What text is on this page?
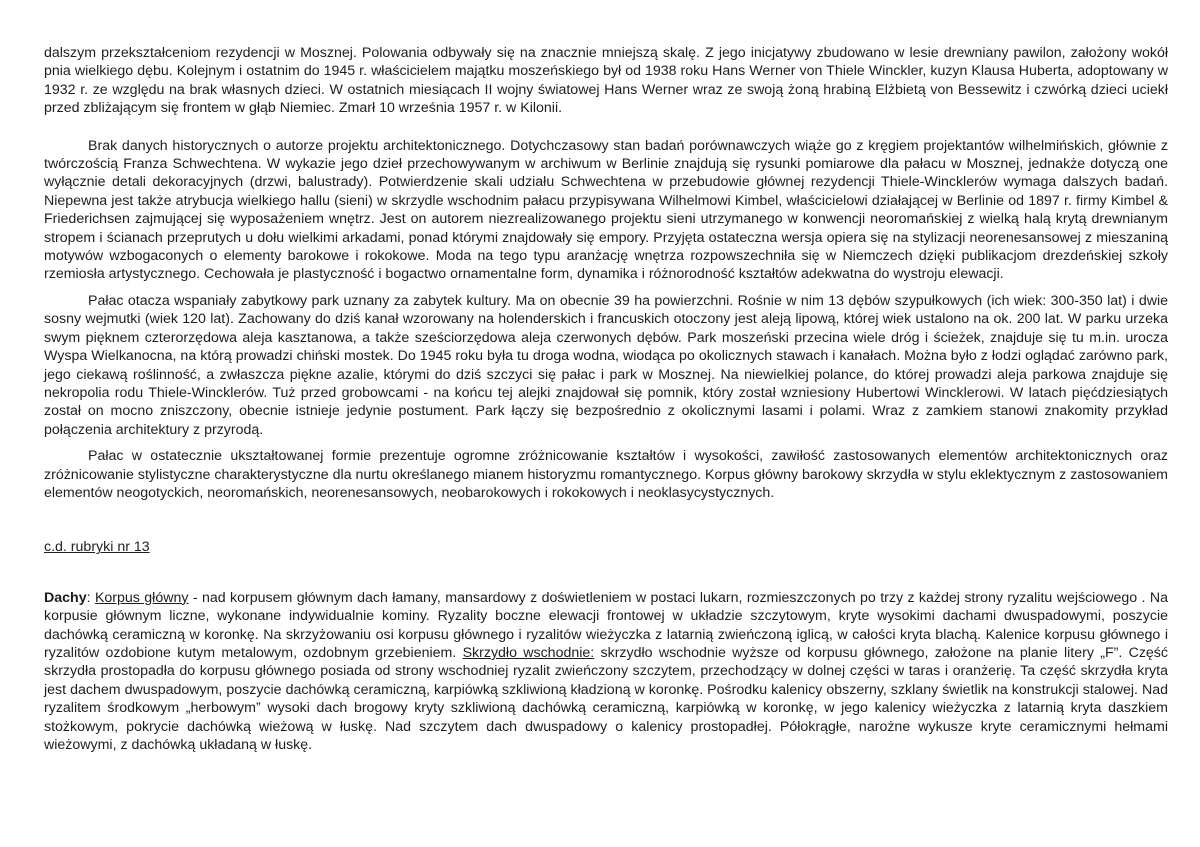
dalszym przekształceniom rezydencji w Mosznej. Polowania odbywały się na znacznie mniejszą skalę. Z jego inicjatywy zbudowano w lesie drewniany pawilon, założony wokół pnia wielkiego dębu. Kolejnym i ostatnim do 1945 r. właścicielem majątku moszeńskiego był od 1938 roku Hans Werner von Thiele Winckler, kuzyn Klausa Huberta, adoptowany w 1932 r. ze względu na brak własnych dzieci. W ostatnich miesiącach II wojny światowej Hans Werner wraz ze swoją żoną hrabiną Elżbietą von Bessewitz i czwórką dzieci uciekł przed zbliżającym się frontem w głąb Niemiec. Zmarł 10 września 1957 r. w Kilonii.

Brak danych historycznych o autorze projektu architektonicznego. Dotychczasowy stan badań porównawczych wiąże go z kręgiem projektantów wilhelmińskich, głównie z twórczością Franza Schwechtena. W wykazie jego dzieł przechowywanym w archiwum w Berlinie znajdują się rysunki pomiarowe dla pałacu w Mosznej, jednakże dotyczą one wyłącznie detali dekoracyjnych (drzwi, balustrady). Potwierdzenie skali udziału Schwechtena w przebudowie głównej rezydencji Thiele-Wincklerów wymaga dalszych badań. Niepewna jest także atrybucja wielkiego hallu (sieni) w skrzydle wschodnim pałacu przypisywana Wilhelmowi Kimbel, właścicielowi działającej w Berlinie od 1897 r. firmy Kimbel & Friederichsen zajmującej się wyposażeniem wnętrz. Jest on autorem niezrealizowanego projektu sieni utrzymanego w konwencji neoromańskiej z wielką halą krytą drewnianym stropem i ścianach przeprutych u dołu wielkimi arkadami, ponad którymi znajdowały się empory. Przyjęta ostateczna wersja opiera się na stylizacji neorenesansowej z mieszaniną motywów wzbogaconych o elementy barokowe i rokokowe. Moda na tego typu aranżację wnętrza rozpowszechniła się w Niemczech dzięki publikacjom drezdeńskiej szkoły rzemiosła artystycznego. Cechowała je plastyczność i bogactwo ornamentalne form, dynamika i różnorodność kształtów adekwatna do wystroju elewacji.

Pałac otacza wspaniały zabytkowy park uznany za zabytek kultury. Ma on obecnie 39 ha powierzchni. Rośnie w nim 13 dębów szypułkowych (ich wiek: 300-350 lat) i dwie sosny wejmutki (wiek 120 lat). Zachowany do dziś kanał wzorowany na holenderskich i francuskich otoczony jest aleją lipową, której wiek ustalono na ok. 200 lat. W parku urzeka swym pięknem czterorzędowa aleja kasztanowa, a także sześciorzędowa aleja czerwonych dębów. Park moszeński przecina wiele dróg i ścieżek, znajduje się tu m.in. urocza Wyspa Wielkanocna, na którą prowadzi chiński mostek. Do 1945 roku była tu droga wodna, wiodąca po okolicznych stawach i kanałach. Można było z łodzi oglądać zarówno park, jego ciekawą roślinność, a zwłaszcza piękne azalie, którymi do dziś szczyci się pałac i park w Mosznej. Na niewielkiej polance, do której prowadzi aleja parkowa znajduje się nekropolia rodu Thiele-Wincklerów. Tuż przed grobowcami - na końcu tej alejki znajdował się pomnik, który został wzniesiony Hubertowi Wincklerowi. W latach pięćdziesiątych został on mocno zniszczony, obecnie istnieje jedynie postument. Park łączy się bezpośrednio z okolicznymi lasami i polami. Wraz z zamkiem stanowi znakomity przykład połączenia architektury z przyrodą.

Pałac w ostatecznie ukształtowanej formie prezentuje ogromne zróżnicowanie kształtów i wysokości, zawiłość zastosowanych elementów architektonicznych oraz zróżnicowanie stylistyczne charakterystyczne dla nurtu określanego mianem historyzmu romantycznego. Korpus główny barokowy skrzydła w stylu eklektycznym z zastosowaniem elementów neogotyckich, neoromańskich, neorenesansowych, neobarokowych i rokokowych i neoklasycystycznych.

c.d. rubryki nr 13

Dachy: Korpus główny - nad korpusem głównym dach łamany, mansardowy z doświetleniem w postaci lukarn, rozmieszczonych po trzy z każdej strony ryzalitu wejściowego . Na korpusie głównym liczne, wykonane indywidualnie kominy. Ryzality boczne elewacji frontowej w układzie szczytowym, kryte wysokimi dachami dwuspadowymi, poszycie dachówką ceramiczną w koronkę. Na skrzyżowaniu osi korpusu głównego i ryzalitów wieżyczka z latarnią zwieńczoną iglicą, w całości kryta blachą. Kalenice korpusu głównego i ryzalitów ozdobione kutym metalowym, ozdobnym grzebieniem. Skrzydło wschodnie: skrzydło wschodnie wyższe od korpusu głównego, założone na planie litery „F”. Część skrzydła prostopadła do korpusu głównego posiada od strony wschodniej ryzalit zwieńczony szczytem, przechodzący w dolnej części w taras i oranżerię. Ta część skrzydła kryta jest dachem dwuspadowym, poszycie dachówką ceramiczną, karpiówką szkliwioną kładzioną w koronkę. Pośrodku kalenicy obszerny, szklany świetlik na konstrukcji stalowej. Nad ryzalitem środkowym „herbowym” wysoki dach brogowy kryty szkliwioną dachówką ceramiczną, karpiówką w koronkę, w jego kalenicy wieżyczka z latarnią kryta daszkiem stożkowym, pokrycie dachówką wieżową w łuskę. Nad szczytem dach dwuspadowy o kalenicy prostopadłej. Półokrągłe, narożne wykusze kryte ceramicznymi hełmami wieżowymi, z dachówką układaną w łuskę.
